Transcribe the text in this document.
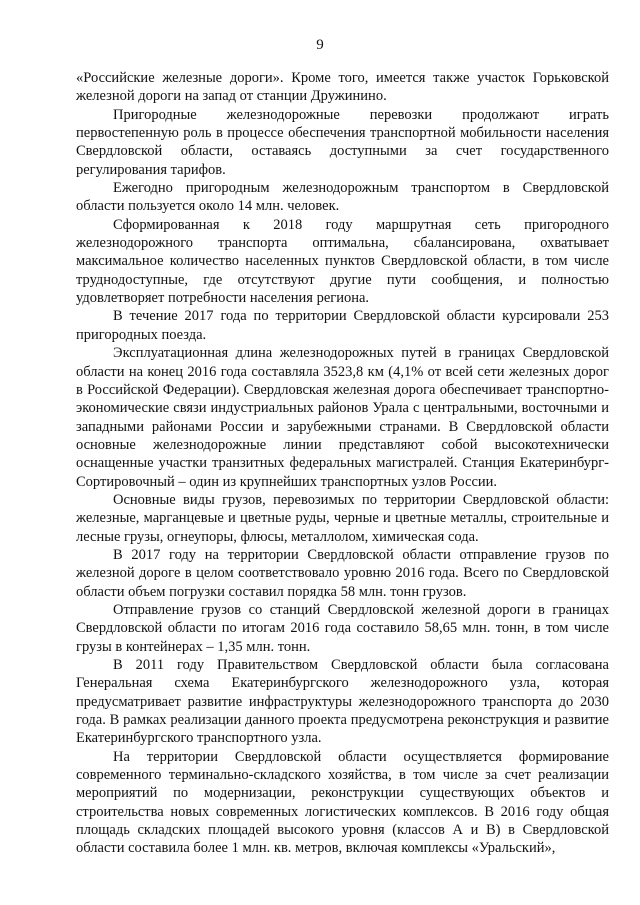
9

«Российские железные дороги». Кроме того, имеется также участок Горьковской железной дороги на запад от станции Дружинино.

Пригородные железнодорожные перевозки продолжают играть первостепенную роль в процессе обеспечения транспортной мобильности населения Свердловской области, оставаясь доступными за счет государственного регулирования тарифов.

Ежегодно пригородным железнодорожным транспортом в Свердловской области пользуется около 14 млн. человек.

Сформированная к 2018 году маршрутная сеть пригородного железнодорожного транспорта оптимальна, сбалансирована, охватывает максимальное количество населенных пунктов Свердловской области, в том числе труднодоступные, где отсутствуют другие пути сообщения, и полностью удовлетворяет потребности населения региона.

В течение 2017 года по территории Свердловской области курсировали 253 пригородных поезда.

Эксплуатационная длина железнодорожных путей в границах Свердловской области на конец 2016 года составляла 3523,8 км (4,1% от всей сети железных дорог в Российской Федерации). Свердловская железная дорога обеспечивает транспортно-экономические связи индустриальных районов Урала с центральными, восточными и западными районами России и зарубежными странами. В Свердловской области основные железнодорожные линии представляют собой высокотехнически оснащенные участки транзитных федеральных магистралей. Станция Екатеринбург-Сортировочный – один из крупнейших транспортных узлов России.

Основные виды грузов, перевозимых по территории Свердловской области: железные, марганцевые и цветные руды, черные и цветные металлы, строительные и лесные грузы, огнеупоры, флюсы, металлолом, химическая сода.

В 2017 году на территории Свердловской области отправление грузов по железной дороге в целом соответствовало уровню 2016 года. Всего по Свердловской области объем погрузки составил порядка 58 млн. тонн грузов.

Отправление грузов со станций Свердловской железной дороги в границах Свердловской области по итогам 2016 года составило 58,65 млн. тонн, в том числе грузы в контейнерах – 1,35 млн. тонн.

В 2011 году Правительством Свердловской области была согласована Генеральная схема Екатеринбургского железнодорожного узла, которая предусматривает развитие инфраструктуры железнодорожного транспорта до 2030 года. В рамках реализации данного проекта предусмотрена реконструкция и развитие Екатеринбургского транспортного узла.

На территории Свердловской области осуществляется формирование современного терминально-складского хозяйства, в том числе за счет реализации мероприятий по модернизации, реконструкции существующих объектов и строительства новых современных логистических комплексов. В 2016 году общая площадь складских площадей высокого уровня (классов А и В) в Свердловской области составила более 1 млн. кв. метров, включая комплексы «Уральский»,
